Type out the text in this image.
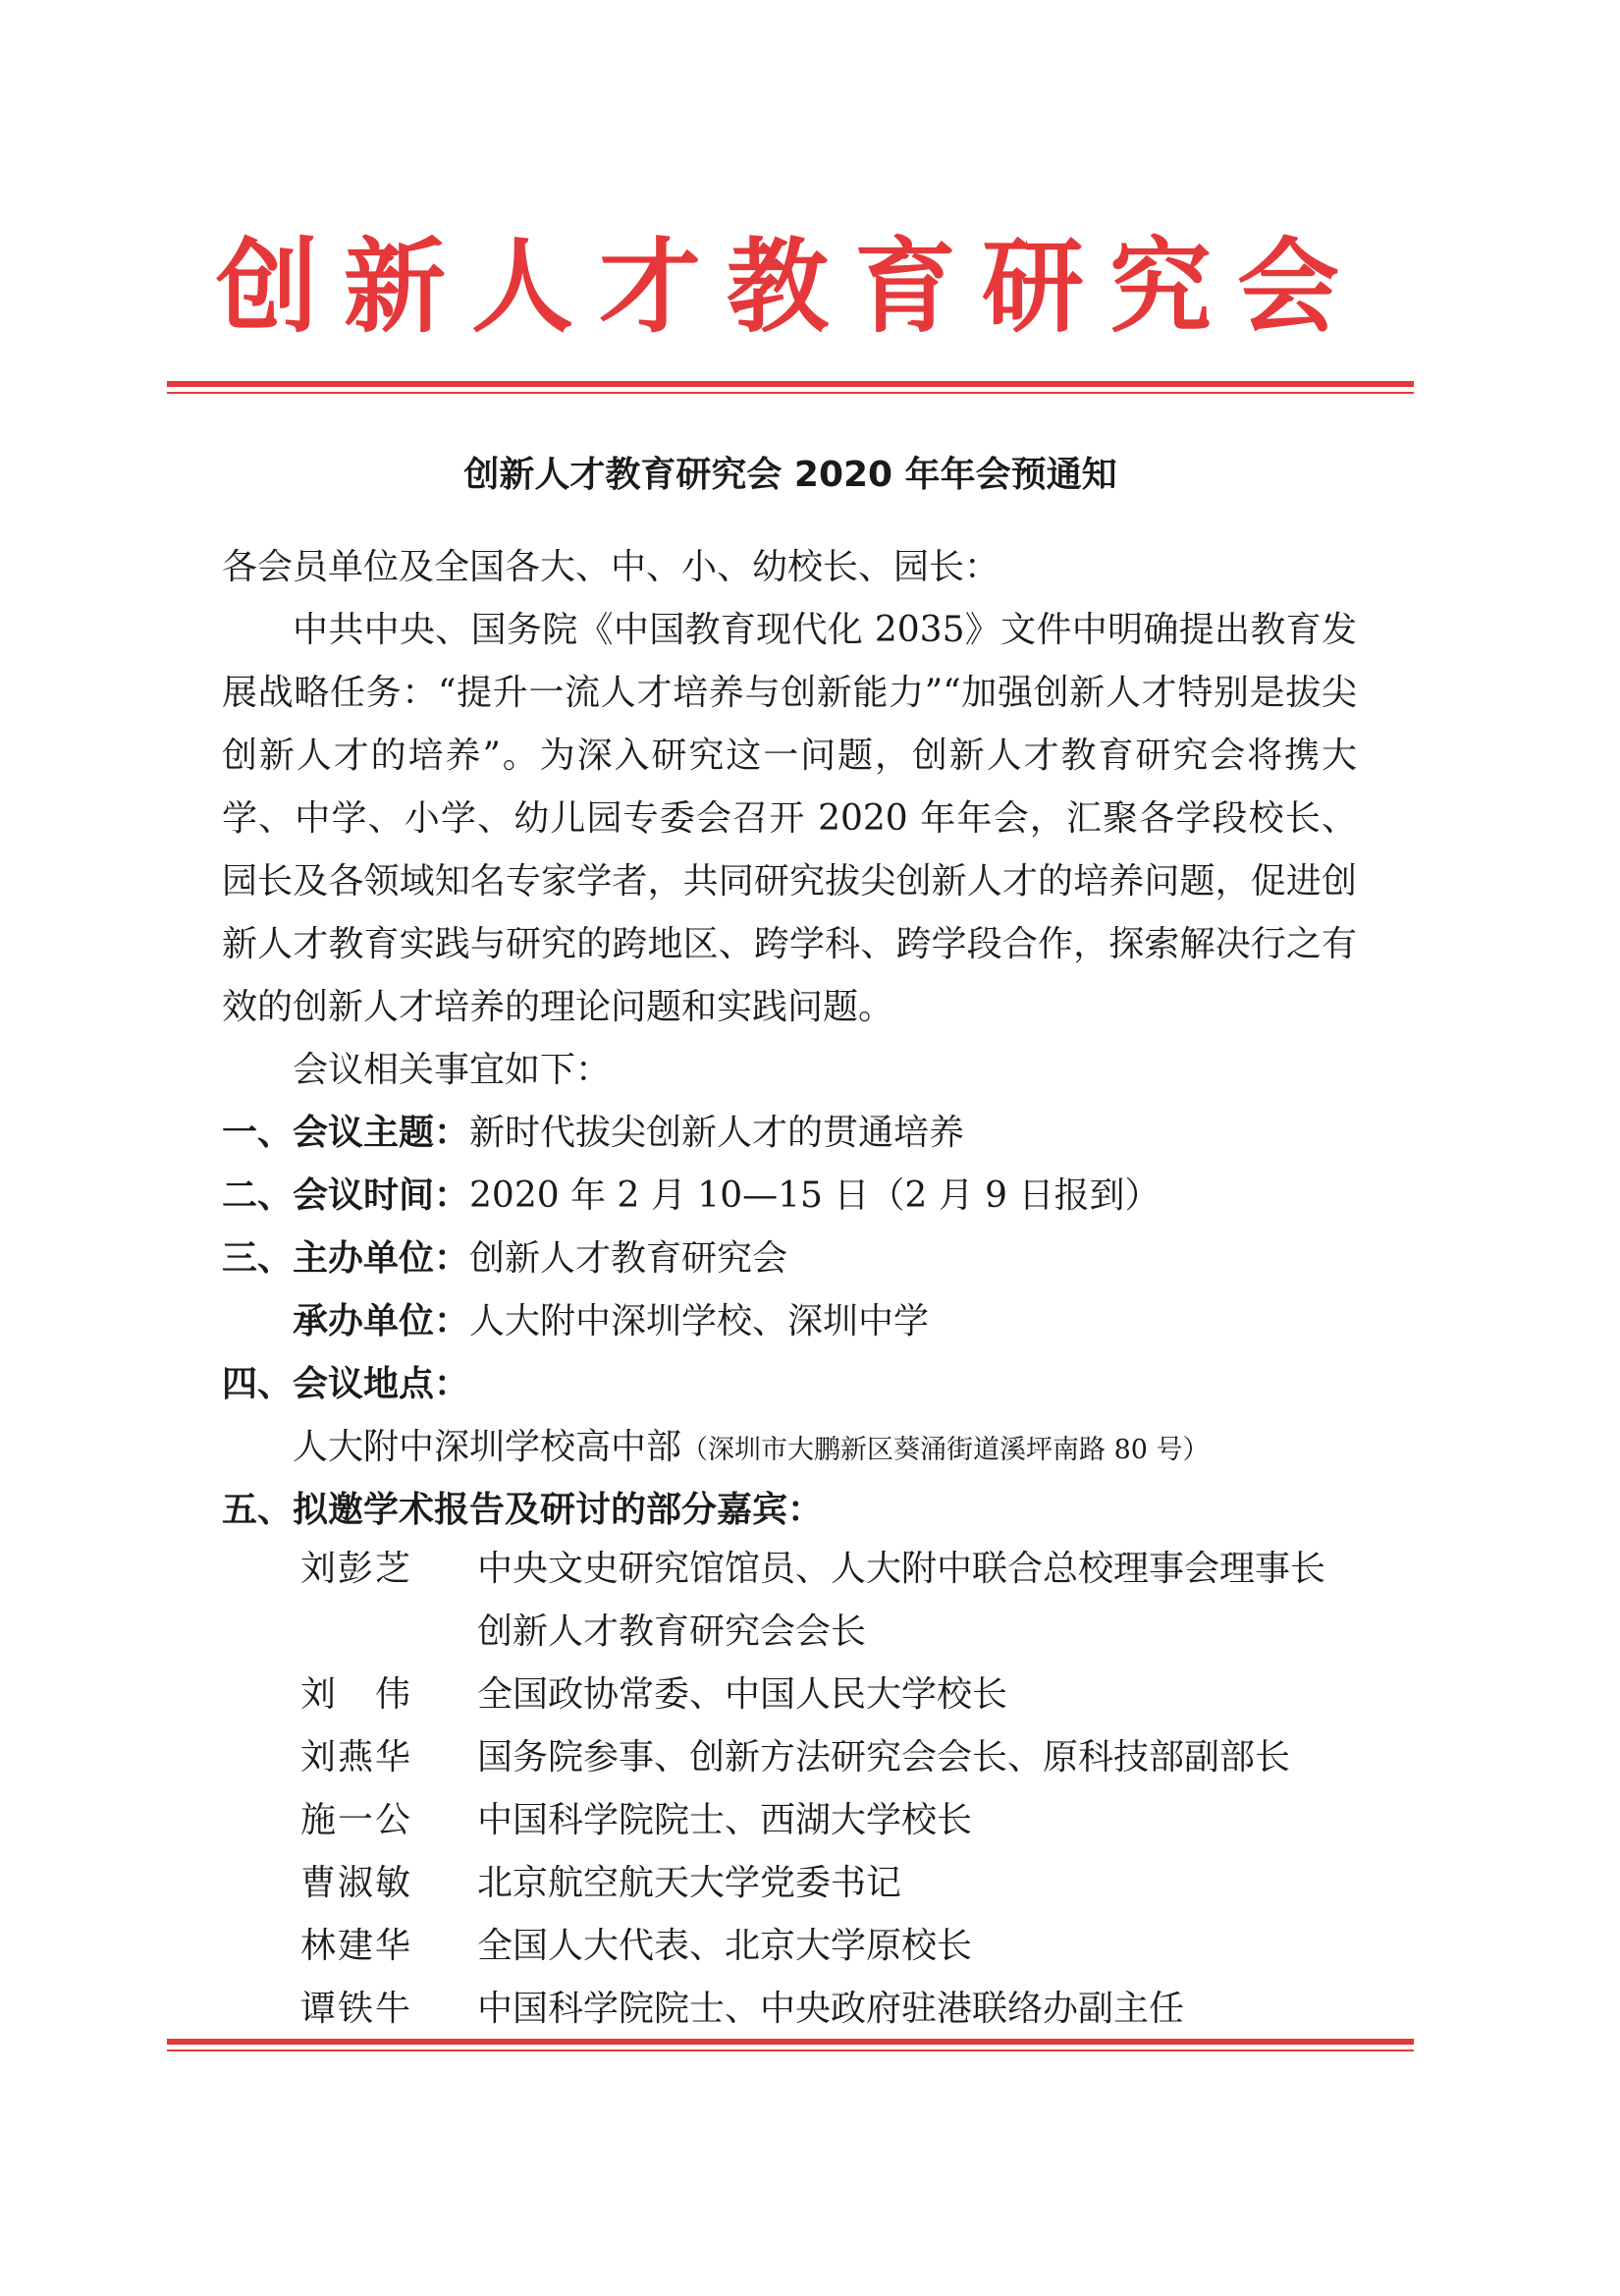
创新人才教育研究会
创新人才教育研究会 2020 年年会预通知
各会员单位及全国各大、中、小、幼校长、园长：
中共中央、国务院《中国教育现代化 2035》文件中明确提出教育发展战略任务：“提升一流人才培养与创新能力”“加强创新人才特别是拔尖创新人才的培养”。为深入研究这一问题，创新人才教育研究会将携大学、中学、小学、幼儿园专委会召开 2020 年年会，汇聚各学段校长、园长及各领域知名专家学者，共同研究拔尖创新人才的培养问题，促进创新人才教育实践与研究的跨地区、跨学科、跨学段合作，探索解决行之有效的创新人才培养的理论问题和实践问题。
会议相关事宜如下：
一、会议主题：新时代拔尖创新人才的贯通培养
二、会议时间：2020 年 2 月 10—15 日（2 月 9 日报到）
三、主办单位：创新人才教育研究会
承办单位：人大附中深圳学校、深圳中学
四、会议地点：
人大附中深圳学校高中部（深圳市大鹏新区葵涌街道溪坪南路 80 号）
五、拟邀学术报告及研讨的部分嘉宾：
刘彭芝 中央文史研究馆馆员、人大附中联合总校理事会理事长
创新人才教育研究会会长
刘　伟 全国政协常委、中国人民大学校长
刘燕华 国务院参事、创新方法研究会会长、原科技部副部长
施一公 中国科学院院士、西湖大学校长
曹淑敏 北京航空航天大学党委书记
林建华 全国人大代表、北京大学原校长
谭铁牛 中国科学院院士、中央政府驻港联络办副主任
